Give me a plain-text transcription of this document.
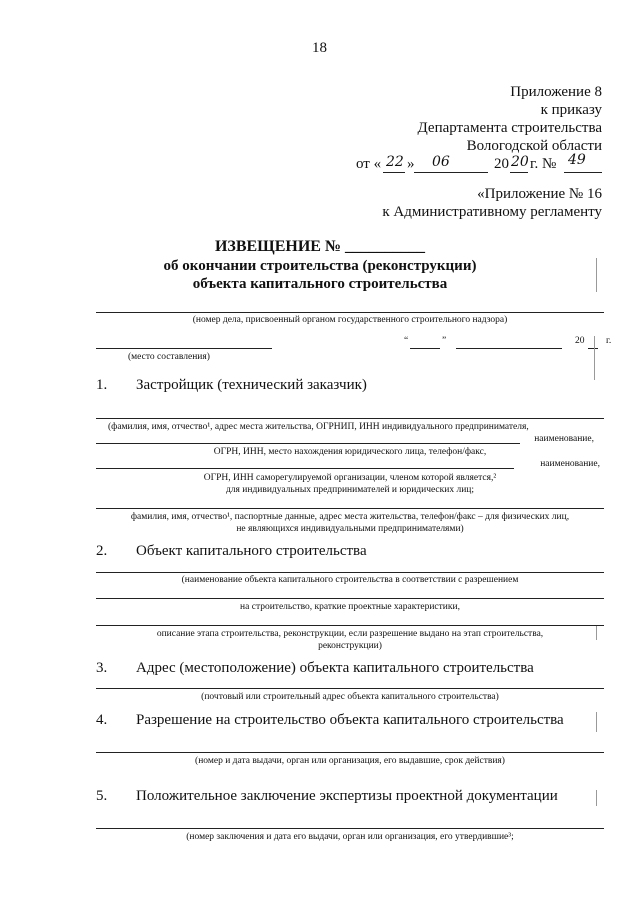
18
Приложение 8
к приказу
Департамента строительства
Вологодской области
от « 22 » 06	20 20 г. № 49
«Приложение № 16
к Административному регламенту
ИЗВЕЩЕНИЕ № __________
об окончании строительства (реконструкции)
объекта капитального строительства
(номер дела, присвоенный органом государственного строительного надзора)
(место составления)
“	”	20 г.
1. Застройщик (технический заказчик)
(фамилия, имя, отчество¹, адрес места жительства, ОГРНИП, ИНН индивидуального предпринимателя,
наименование,
ОГРН, ИНН, место нахождения юридического лица, телефон/факс,
наименование,
ОГРН, ИНН саморегулируемой организации, членом которой является,²
для индивидуальных предпринимателей и юридических лиц;
фамилия, имя, отчество¹, паспортные данные, адрес места жительства, телефон/факс – для физических лиц,
не являющихся индивидуальными предпринимателями)
2. Объект капитального строительства
(наименование объекта капитального строительства в соответствии с разрешением
на строительство, краткие проектные характеристики,
описание этапа строительства, реконструкции, если разрешение выдано на этап строительства,
реконструкции)
3. Адрес (местоположение) объекта капитального строительства
(почтовый или строительный адрес объекта капитального строительства)
4. Разрешение на строительство объекта капитального строительства
(номер и дата выдачи, орган или организация, его выдавшие, срок действия)
5. Положительное заключение экспертизы проектной документации
(номер заключения и дата его выдачи, орган или организация, его утвердившие³;
